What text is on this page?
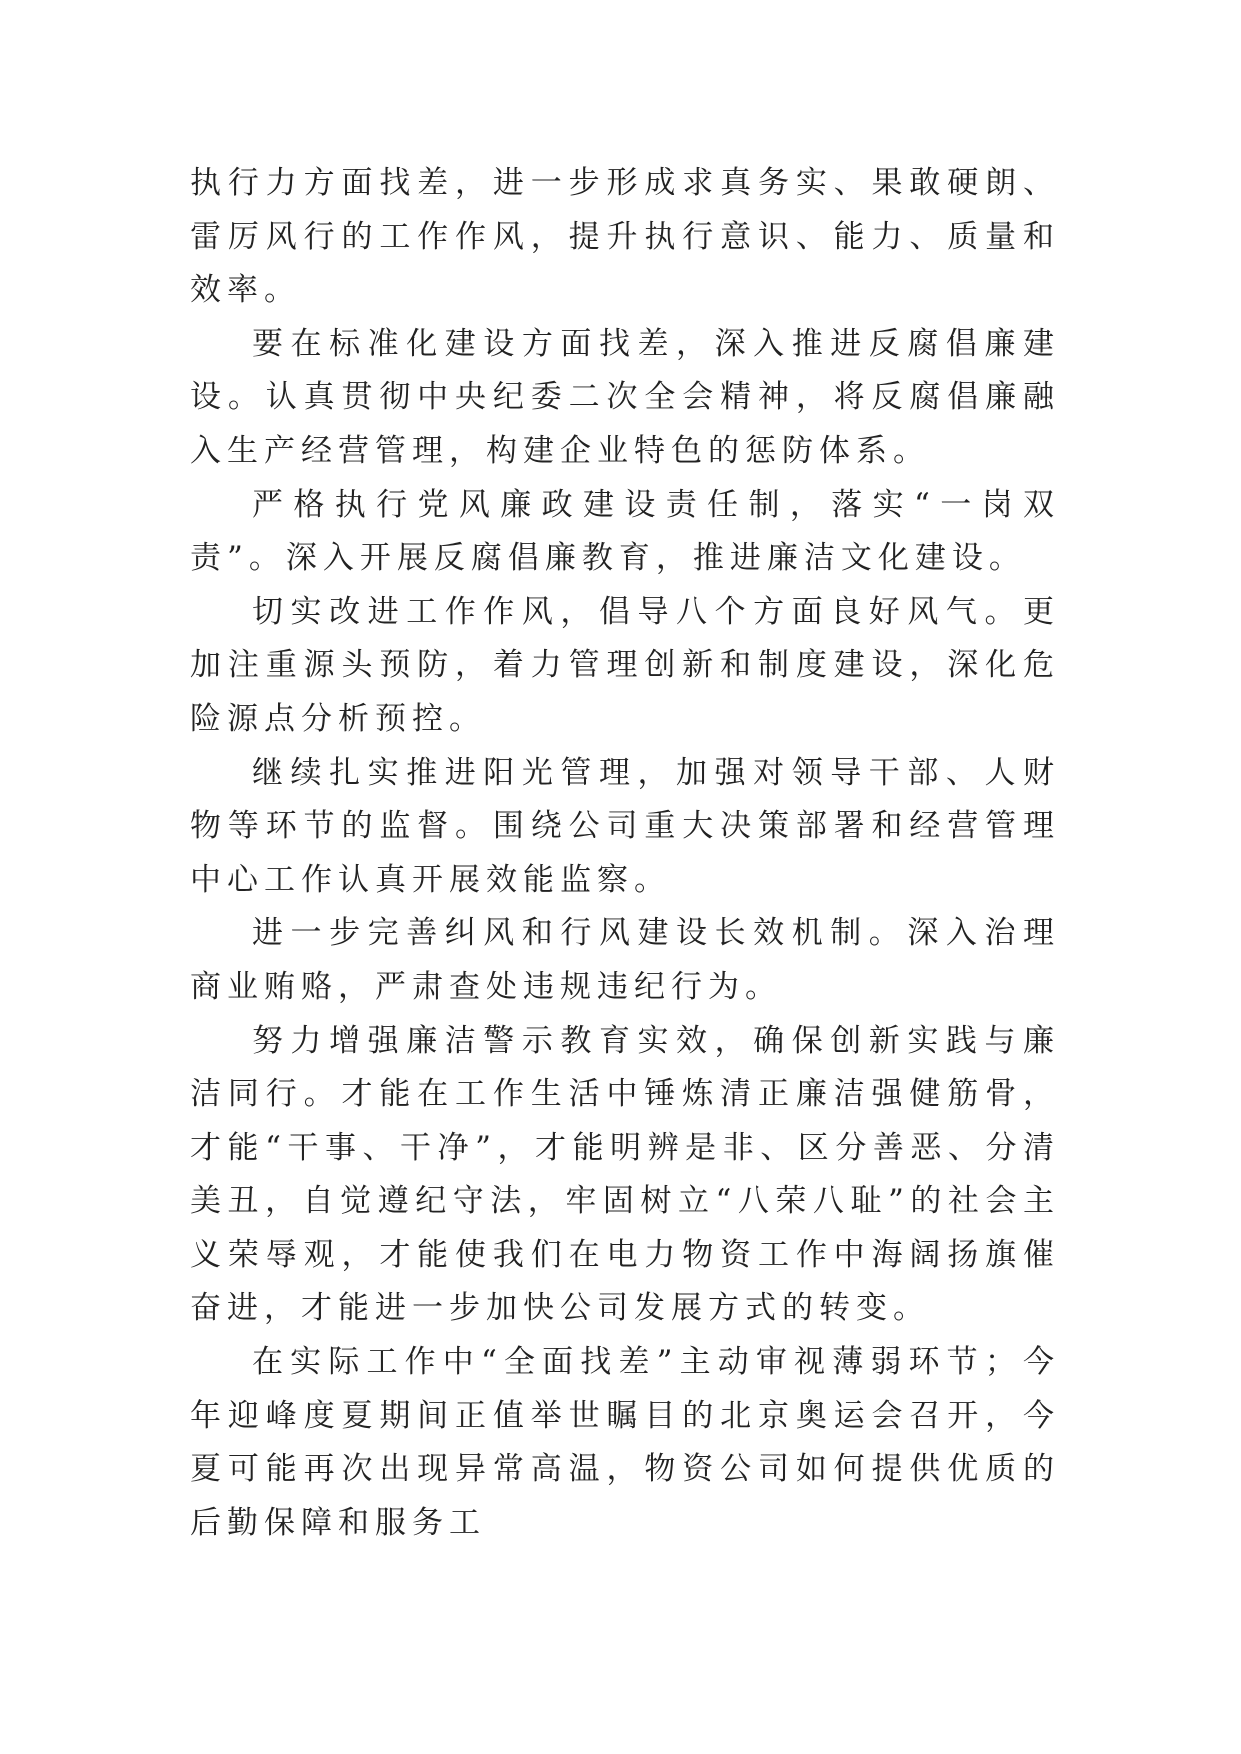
执行力方面找差，进一步形成求真务实、果敢硬朗、雷厉风行的工作作风，提升执行意识、能力、质量和效率。

要在标准化建设方面找差，深入推进反腐倡廉建设。认真贯彻中央纪委二次全会精神，将反腐倡廉融入生产经营管理，构建企业特色的惩防体系。

严格执行党风廉政建设责任制，落实“一岗双责”。深入开展反腐倡廉教育，推进廉洁文化建设。

切实改进工作作风，倡导八个方面良好风气。更加注重源头预防，着力管理创新和制度建设，深化危险源点分析预控。

继续扎实推进阳光管理，加强对领导干部、人财物等环节的监督。围绕公司重大决策部署和经营管理中心工作认真开展效能监察。

进一步完善纠风和行风建设长效机制。深入治理商业贿赂，严肃查处违规违纪行为。

努力增强廉洁警示教育实效，确保创新实践与廉洁同行。才能在工作生活中锤炼清正廉洁强健筋骨，才能“干事、干净”，才能明辨是非、区分善恶、分清美丑，自觉遵纪守法，牢固树立“八荣八耻”的社会主义荣辱观，才能使我们在电力物资工作中海阔扬旗催奋进，才能进一步加快公司发展方式的转变。

在实际工作中“全面找差”主动审视薄弱环节；今年迎峰度夏期间正值举世瞩目的北京奥运会召开，今夏可能再次出现异常高温，物资公司如何提供优质的后勤保障和服务工
